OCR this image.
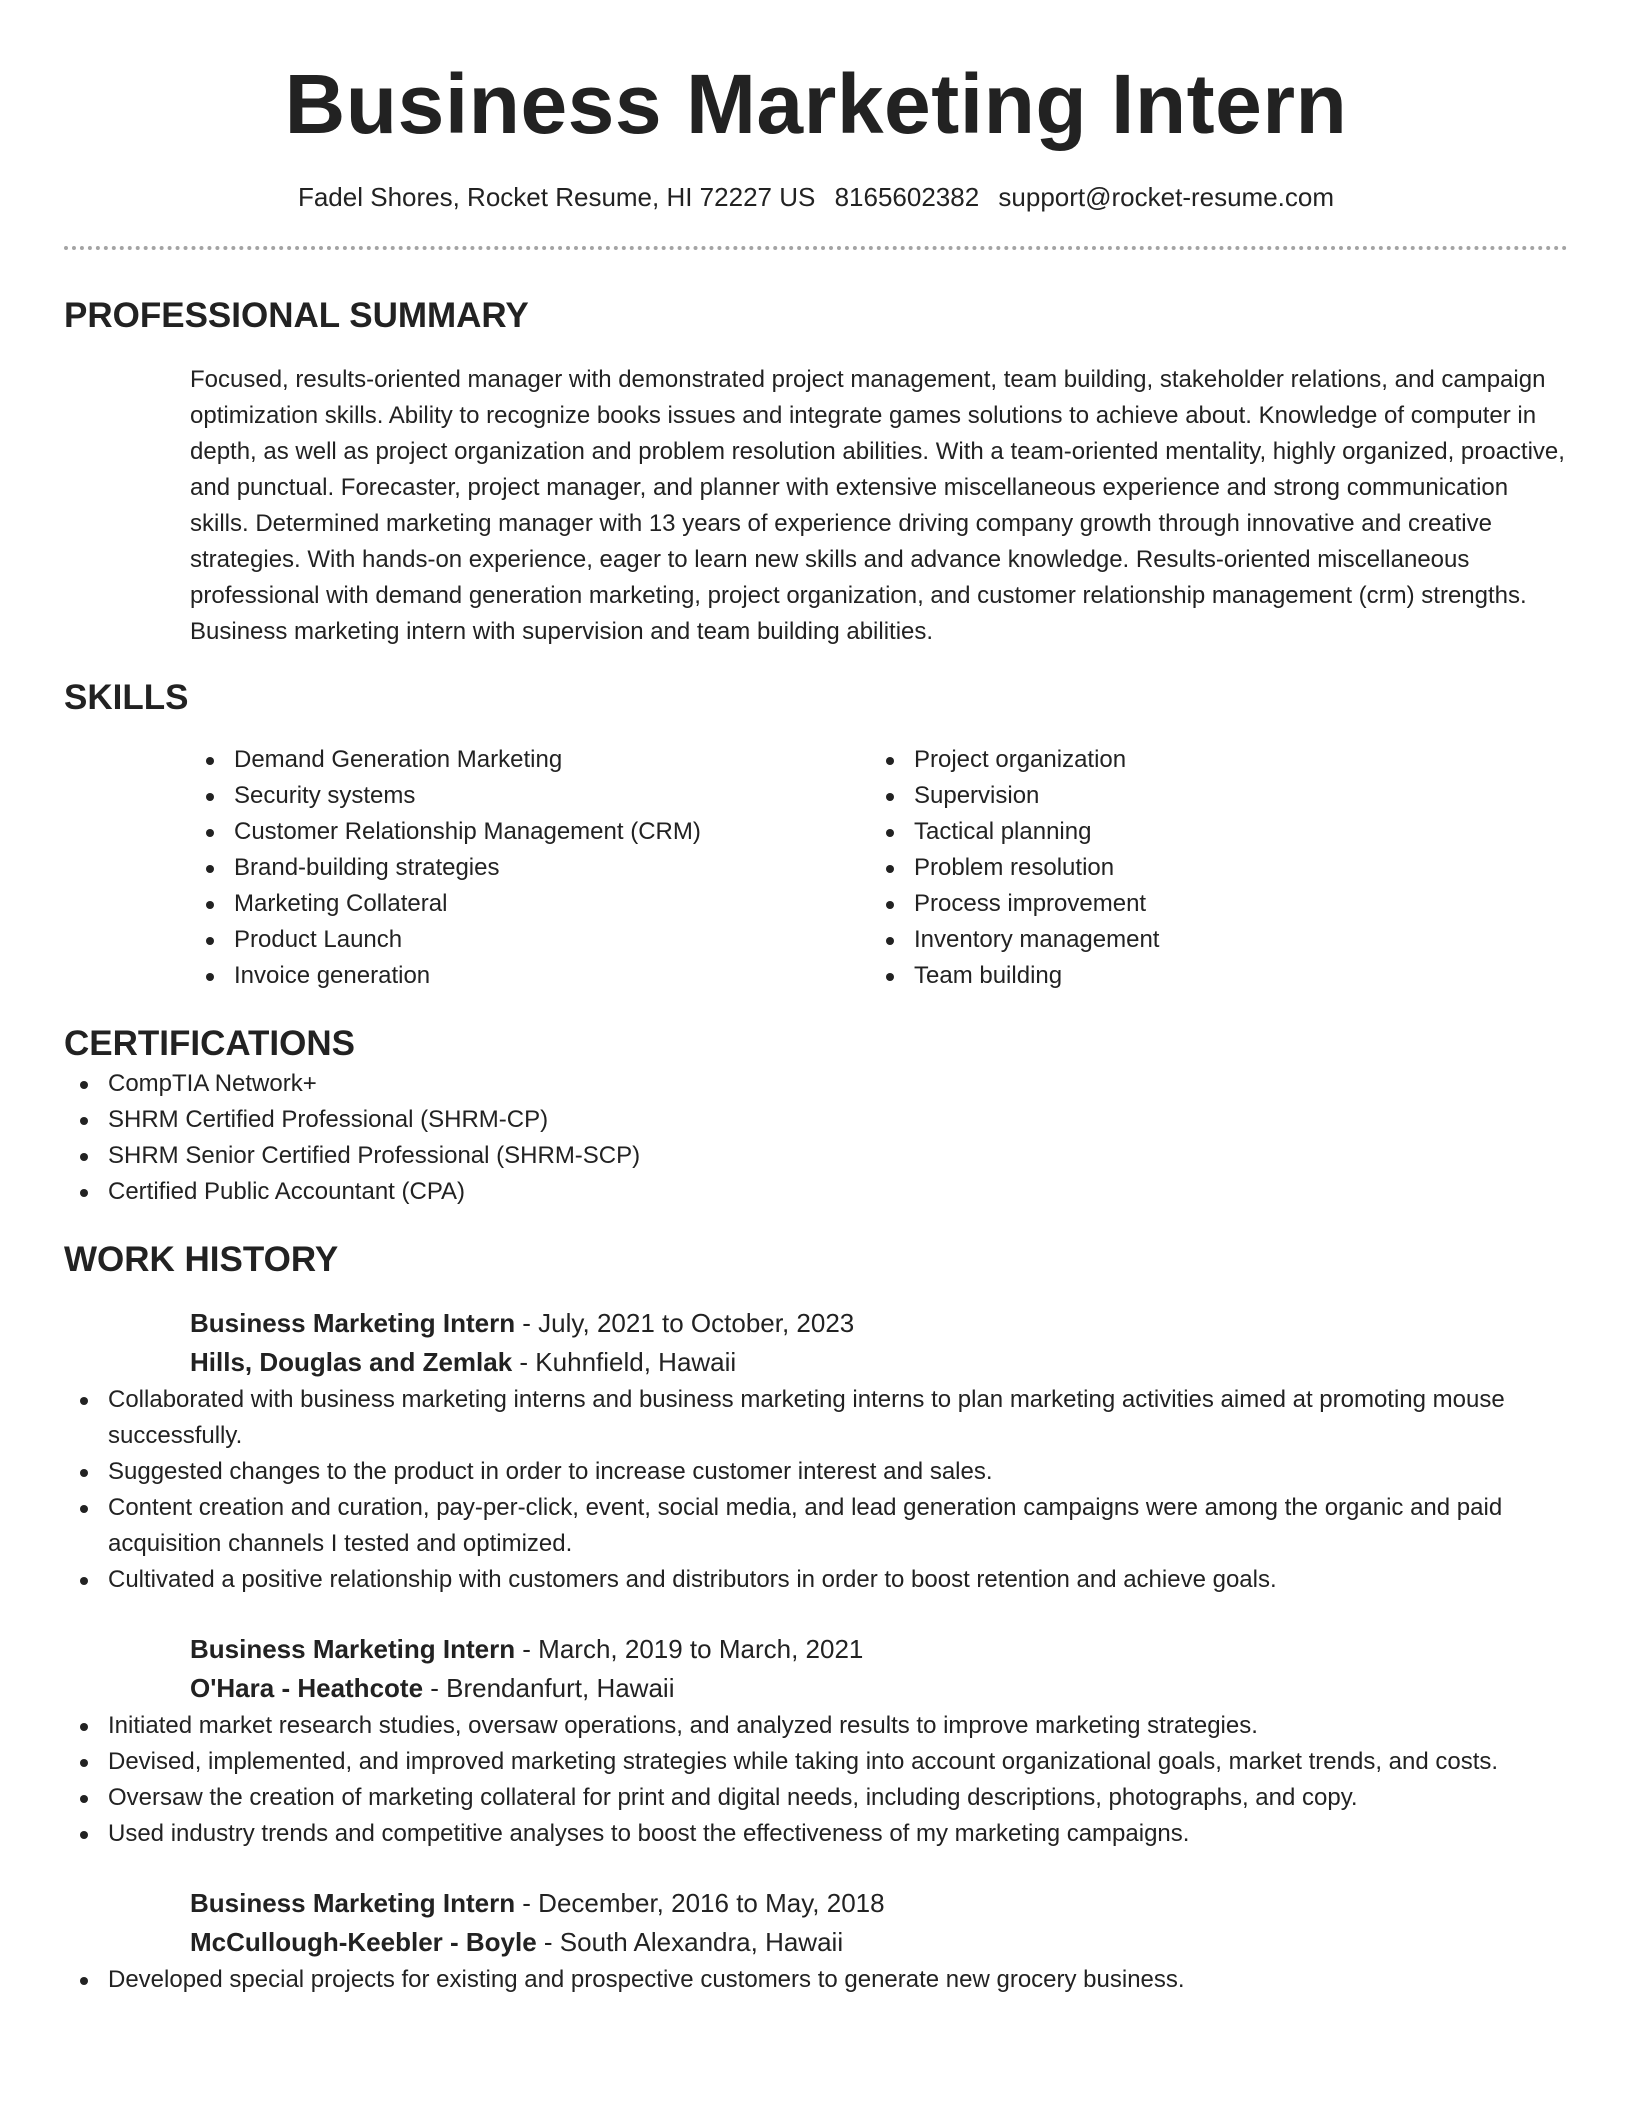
Business Marketing Intern
Fadel Shores, Rocket Resume, HI 72227 US 8165602382 support@rocket-resume.com
PROFESSIONAL SUMMARY
Focused, results-oriented manager with demonstrated project management, team building, stakeholder relations, and campaign optimization skills. Ability to recognize books issues and integrate games solutions to achieve about. Knowledge of computer in depth, as well as project organization and problem resolution abilities. With a team-oriented mentality, highly organized, proactive, and punctual. Forecaster, project manager, and planner with extensive miscellaneous experience and strong communication skills. Determined marketing manager with 13 years of experience driving company growth through innovative and creative strategies. With hands-on experience, eager to learn new skills and advance knowledge. Results-oriented miscellaneous professional with demand generation marketing, project organization, and customer relationship management (crm) strengths. Business marketing intern with supervision and team building abilities.
SKILLS
Demand Generation Marketing
Security systems
Customer Relationship Management (CRM)
Brand-building strategies
Marketing Collateral
Product Launch
Invoice generation
Project organization
Supervision
Tactical planning
Problem resolution
Process improvement
Inventory management
Team building
CERTIFICATIONS
CompTIA Network+
SHRM Certified Professional (SHRM-CP)
SHRM Senior Certified Professional (SHRM-SCP)
Certified Public Accountant (CPA)
WORK HISTORY
Business Marketing Intern - July, 2021 to October, 2023
Hills, Douglas and Zemlak - Kuhnfield, Hawaii
Collaborated with business marketing interns and business marketing interns to plan marketing activities aimed at promoting mouse successfully.
Suggested changes to the product in order to increase customer interest and sales.
Content creation and curation, pay-per-click, event, social media, and lead generation campaigns were among the organic and paid acquisition channels I tested and optimized.
Cultivated a positive relationship with customers and distributors in order to boost retention and achieve goals.
Business Marketing Intern - March, 2019 to March, 2021
O'Hara - Heathcote - Brendanfurt, Hawaii
Initiated market research studies, oversaw operations, and analyzed results to improve marketing strategies.
Devised, implemented, and improved marketing strategies while taking into account organizational goals, market trends, and costs.
Oversaw the creation of marketing collateral for print and digital needs, including descriptions, photographs, and copy.
Used industry trends and competitive analyses to boost the effectiveness of my marketing campaigns.
Business Marketing Intern - December, 2016 to May, 2018
McCullough-Keebler - Boyle - South Alexandra, Hawaii
Developed special projects for existing and prospective customers to generate new grocery business.
